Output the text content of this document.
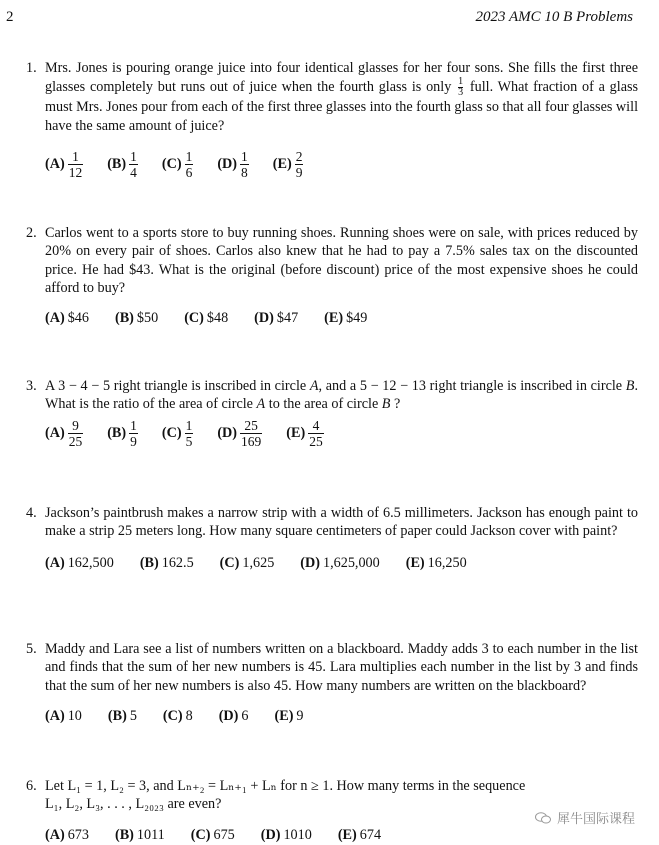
2	2023 AMC 10 B Problems
1. Mrs. Jones is pouring orange juice into four identical glasses for her four sons. She fills the first three glasses completely but runs out of juice when the fourth glass is only $\frac{1}{3}$ full. What fraction of a glass must Mrs. Jones pour from each of the first three glasses into the fourth glass so that all four glasses will have the same amount of juice?
$(A) \frac{1}{12} (B) \frac{1}{4} (C) \frac{1}{6} (D) \frac{1}{8} (E) \frac{2}{9}$
2. Carlos went to a sports store to buy running shoes. Running shoes were on sale, with prices reduced by 20% on every pair of shoes. Carlos also knew that he had to pay a 7.5% sales tax on the discounted price. He had $43. What is the original (before discount) price of the most expensive shoes he could afford to buy?
(A) $46 (B) $50 (C) $48 (D) $47 (E) $49
3. A 3 − 4 − 5 right triangle is inscribed in circle A, and a 5 − 12 − 13 right triangle is inscribed in circle B. What is the ratio of the area of circle A to the area of circle B ?
$(A) \frac{9}{25} (B) \frac{1}{9} (C) \frac{1}{5} (D) \frac{25}{169} (E) \frac{4}{25}$
4. Jackson’s paintbrush makes a narrow strip with a width of 6.5 millimeters. Jackson has enough paint to make a strip 25 meters long. How many square centimeters of paper could Jackson cover with paint?
(A) 162,500 (B) 162.5 (C) 1,625 (D) 1,625,000 (E) 16,250
5. Maddy and Lara see a list of numbers written on a blackboard. Maddy adds 3 to each number in the list and finds that the sum of her new numbers is 45. Lara multiplies each number in the list by 3 and finds that the sum of her new numbers is also 45. How many numbers are written on the blackboard?
(A) 10 (B) 5 (C) 8 (D) 6 (E) 9
6. Let L₁ = 1, L₂ = 3, and Lₙ₊₂ = Lₙ₊₁ + Lₙ for n ≥ 1. How many terms in the sequence
L₁, L₂, L₃, . . . , L₂₀₂₃ are even?
(A) 673 (B) 1011 (C) 675 (D) 1010 (E) 674
犀牛国际课程
